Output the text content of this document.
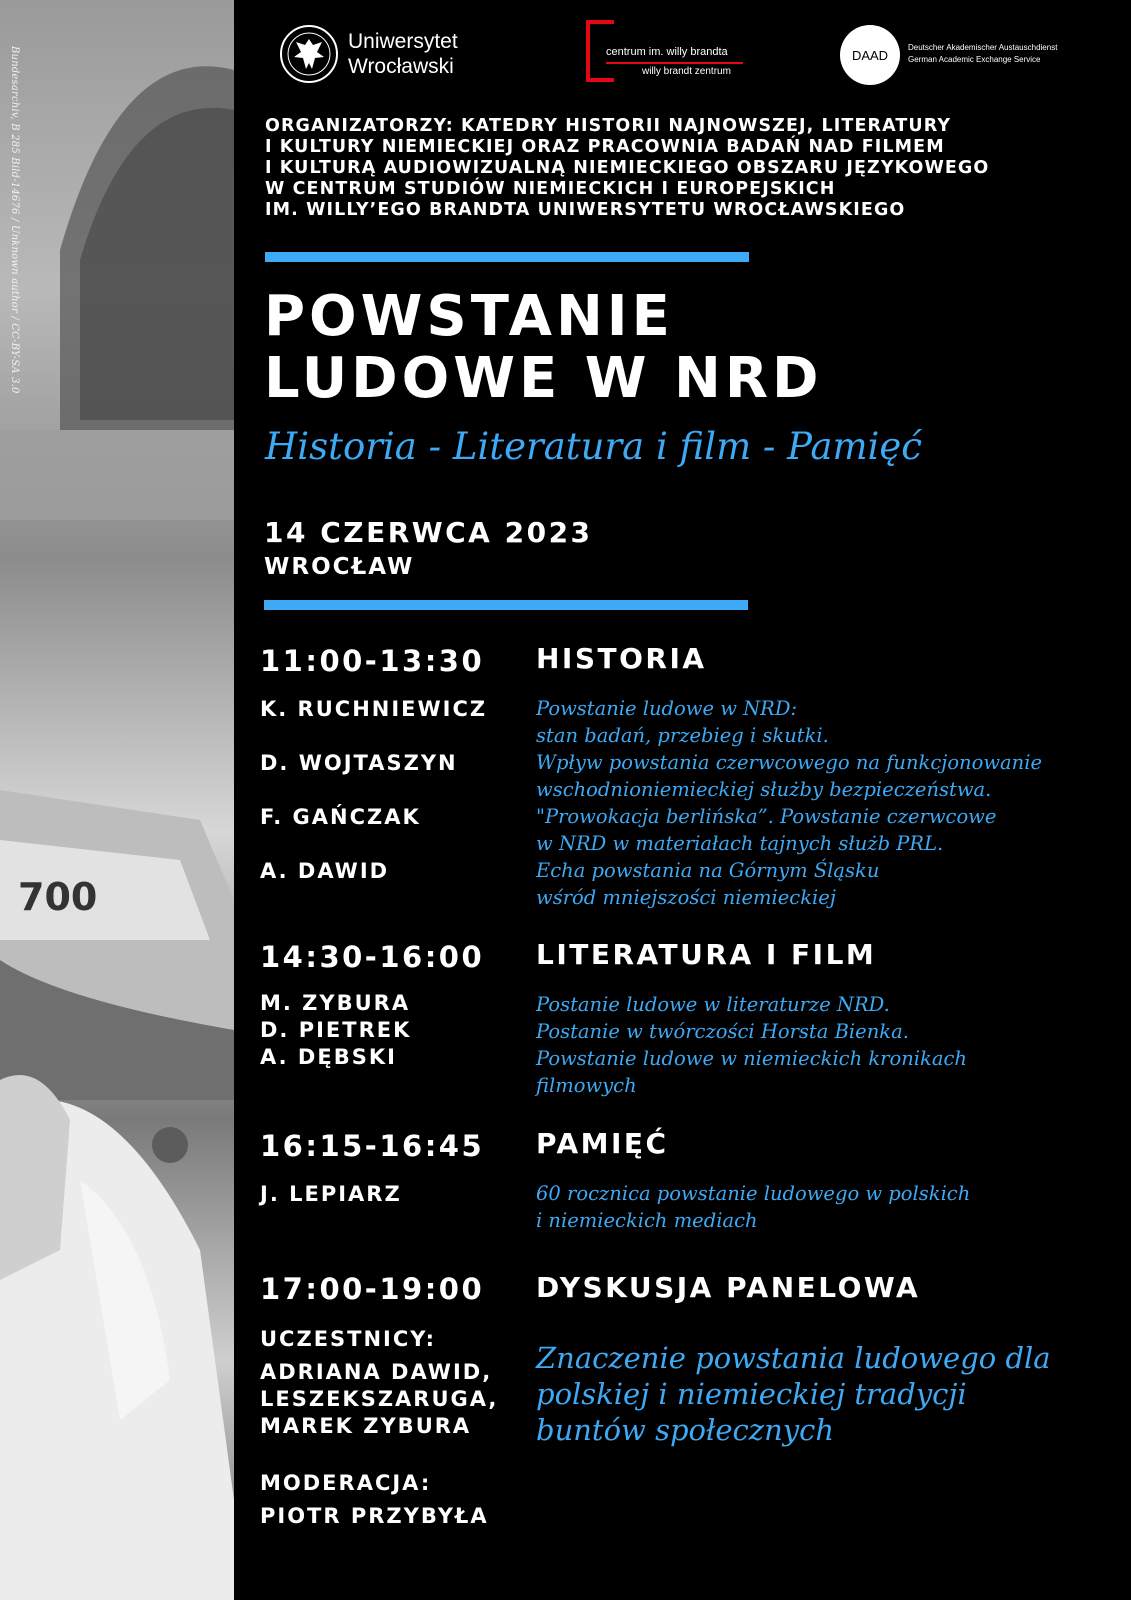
700
Bundesarchiv, B 285 Bild-14676 / Unknown author / CC-BY-SA 3.0
Uniwersytet
Wrocławski
centrum im. willy brandta
willy brandt zentrum
DAAD	Deutscher Akademischer Austauschdienst
German Academic Exchange Service
ORGANIZATORZY: KATEDRY HISTORII NAJNOWSZEJ, LITERATURY
I KULTURY NIEMIECKIEJ ORAZ PRACOWNIA BADAŃ NAD FILMEM
I KULTURĄ AUDIOWIZUALNĄ NIEMIECKIEGO OBSZARU JĘZYKOWEGO
W CENTRUM STUDIÓW NIEMIECKICH I EUROPEJSKICH
IM. WILLY’EGO BRANDTA UNIWERSYTETU WROCŁAWSKIEGO
POWSTANIE
LUDOWE W NRD
Historia - Literatura i film - Pamięć
14 CZERWCA 2023
WROCŁAW
11:00-13:30 HISTORIA
K. RUCHNIEWICZ
D. WOJTASZYN
F. GAŃCZAK
A. DAWID
Powstanie ludowe w NRD:
stan badań, przebieg i skutki.
Wpływ powstania czerwcowego na funkcjonowanie
wschodnioniemieckiej służby bezpieczeństwa.
"Prowokacja berlińska”. Powstanie czerwcowe
w NRD w materiałach tajnych służb PRL.
Echa powstania na Górnym Śląsku
wśród mniejszości niemieckiej
14:30-16:00 LITERATURA I FILM
M. ZYBURA
D. PIETREK
A. DĘBSKI
Postanie ludowe w literaturze NRD.
Postanie w twórczości Horsta Bienka.
Powstanie ludowe w niemieckich kronikach
filmowych
16:15-16:45 PAMIĘĆ
J. LEPIARZ	60 rocznica powstanie ludowego w polskich
i niemieckich mediach
17:00-19:00 DYSKUSJA PANELOWA
UCZESTNICY:
ADRIANA DAWID,
LESZEKSZARUGA,
MAREK ZYBURA
MODERACJA:
PIOTR PRZYBYŁA
Znaczenie powstania ludowego dla
polskiej i niemieckiej tradycji
buntów społecznych
